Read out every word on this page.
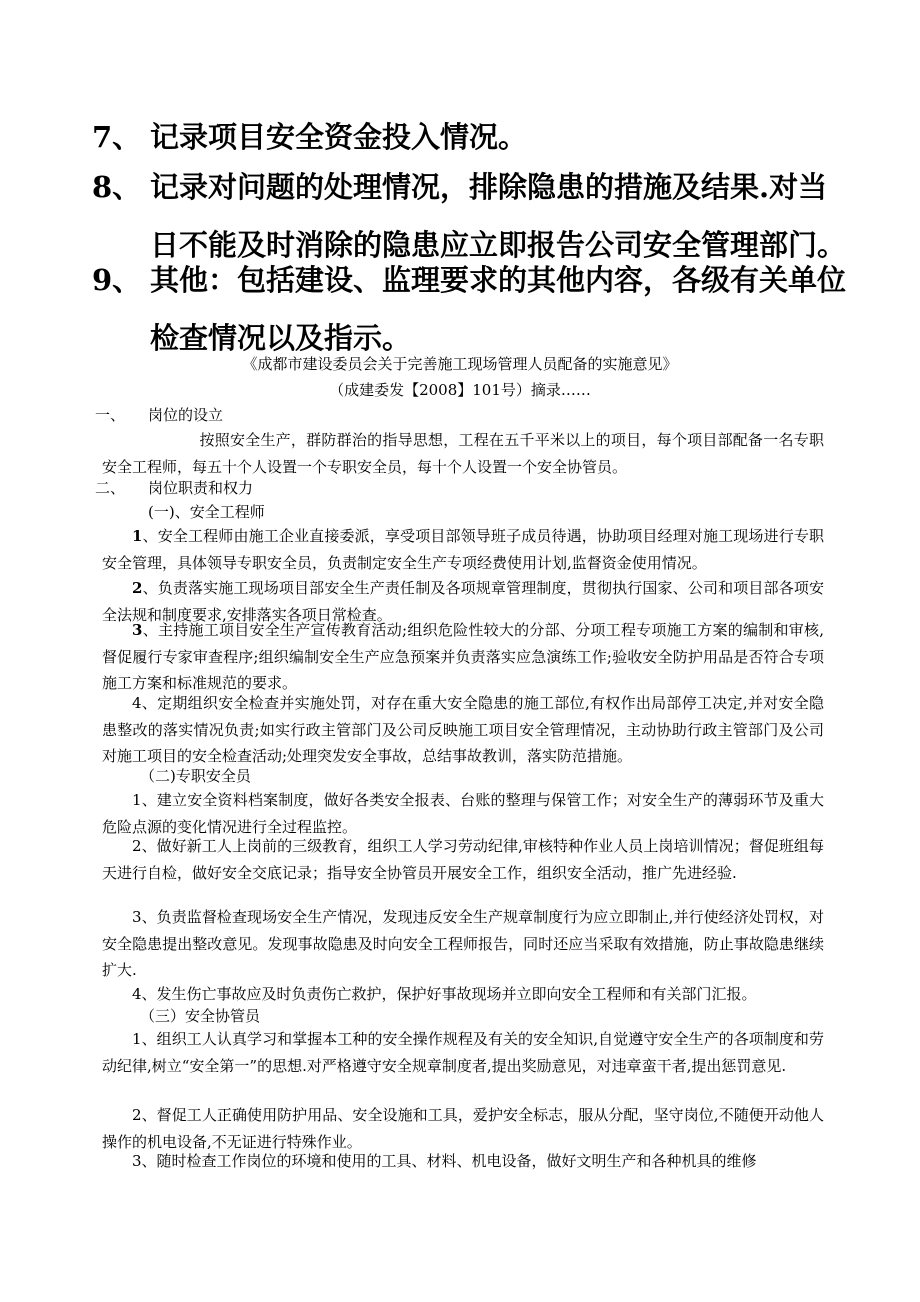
7、 记录项目安全资金投入情况。
8、 记录对问题的处理情况，排除隐患的措施及结果.对当日不能及时消除的隐患应立即报告公司安全管理部门。
9、 其他：包括建设、监理要求的其他内容，各级有关单位检查情况以及指示。
《成都市建设委员会关于完善施工现场管理人员配备的实施意见》
（成建委发【2008】101号）摘录……
一、	岗位的设立
按照安全生产，群防群治的指导思想，工程在五千平米以上的项目，每个项目部配备一名专职安全工程师，每五十个人设置一个专职安全员，每十个人设置一个安全协管员。
二、	岗位职责和权力
(一)、安全工程师
1、安全工程师由施工企业直接委派，享受项目部领导班子成员待遇，协助项目经理对施工现场进行专职安全管理，具体领导专职安全员，负责制定安全生产专项经费使用计划,监督资金使用情况。
2、负责落实施工现场项目部安全生产责任制及各项规章管理制度，贯彻执行国家、公司和项目部各项安全法规和制度要求,安排落实各项日常检查。
3、主持施工项目安全生产宣传教育活动;组织危险性较大的分部、分项工程专项施工方案的编制和审核,督促履行专家审查程序;组织编制安全生产应急预案并负责落实应急演练工作;验收安全防护用品是否符合专项施工方案和标准规范的要求。
4、定期组织安全检查并实施处罚，对存在重大安全隐患的施工部位,有权作出局部停工决定,并对安全隐患整改的落实情况负责;如实行政主管部门及公司反映施工项目安全管理情况，主动协助行政主管部门及公司对施工项目的安全检查活动;处理突发安全事故，总结事故教训，落实防范措施。
（二)专职安全员
1、建立安全资料档案制度，做好各类安全报表、台账的整理与保管工作；对安全生产的薄弱环节及重大危险点源的变化情况进行全过程监控。
2、做好新工人上岗前的三级教育，组织工人学习劳动纪律,审核特种作业人员上岗培训情况；督促班组每天进行自检，做好安全交底记录；指导安全协管员开展安全工作，组织安全活动，推广先进经验.
3、负责监督检查现场安全生产情况，发现违反安全生产规章制度行为应立即制止,并行使经济处罚权，对安全隐患提出整改意见。发现事故隐患及时向安全工程师报告，同时还应当采取有效措施，防止事故隐患继续扩大.
4、发生伤亡事故应及时负责伤亡救护，保护好事故现场并立即向安全工程师和有关部门汇报。
（三）安全协管员
1、组织工人认真学习和掌握本工种的安全操作规程及有关的安全知识,自觉遵守安全生产的各项制度和劳动纪律,树立“安全第一”的思想.对严格遵守安全规章制度者,提出奖励意见，对违章蛮干者,提出惩罚意见.
2、督促工人正确使用防护用品、安全设施和工具，爱护安全标志，服从分配，坚守岗位,不随便开动他人操作的机电设备,不无证进行特殊作业。
3、随时检查工作岗位的环境和使用的工具、材料、机电设备，做好文明生产和各种机具的维修
